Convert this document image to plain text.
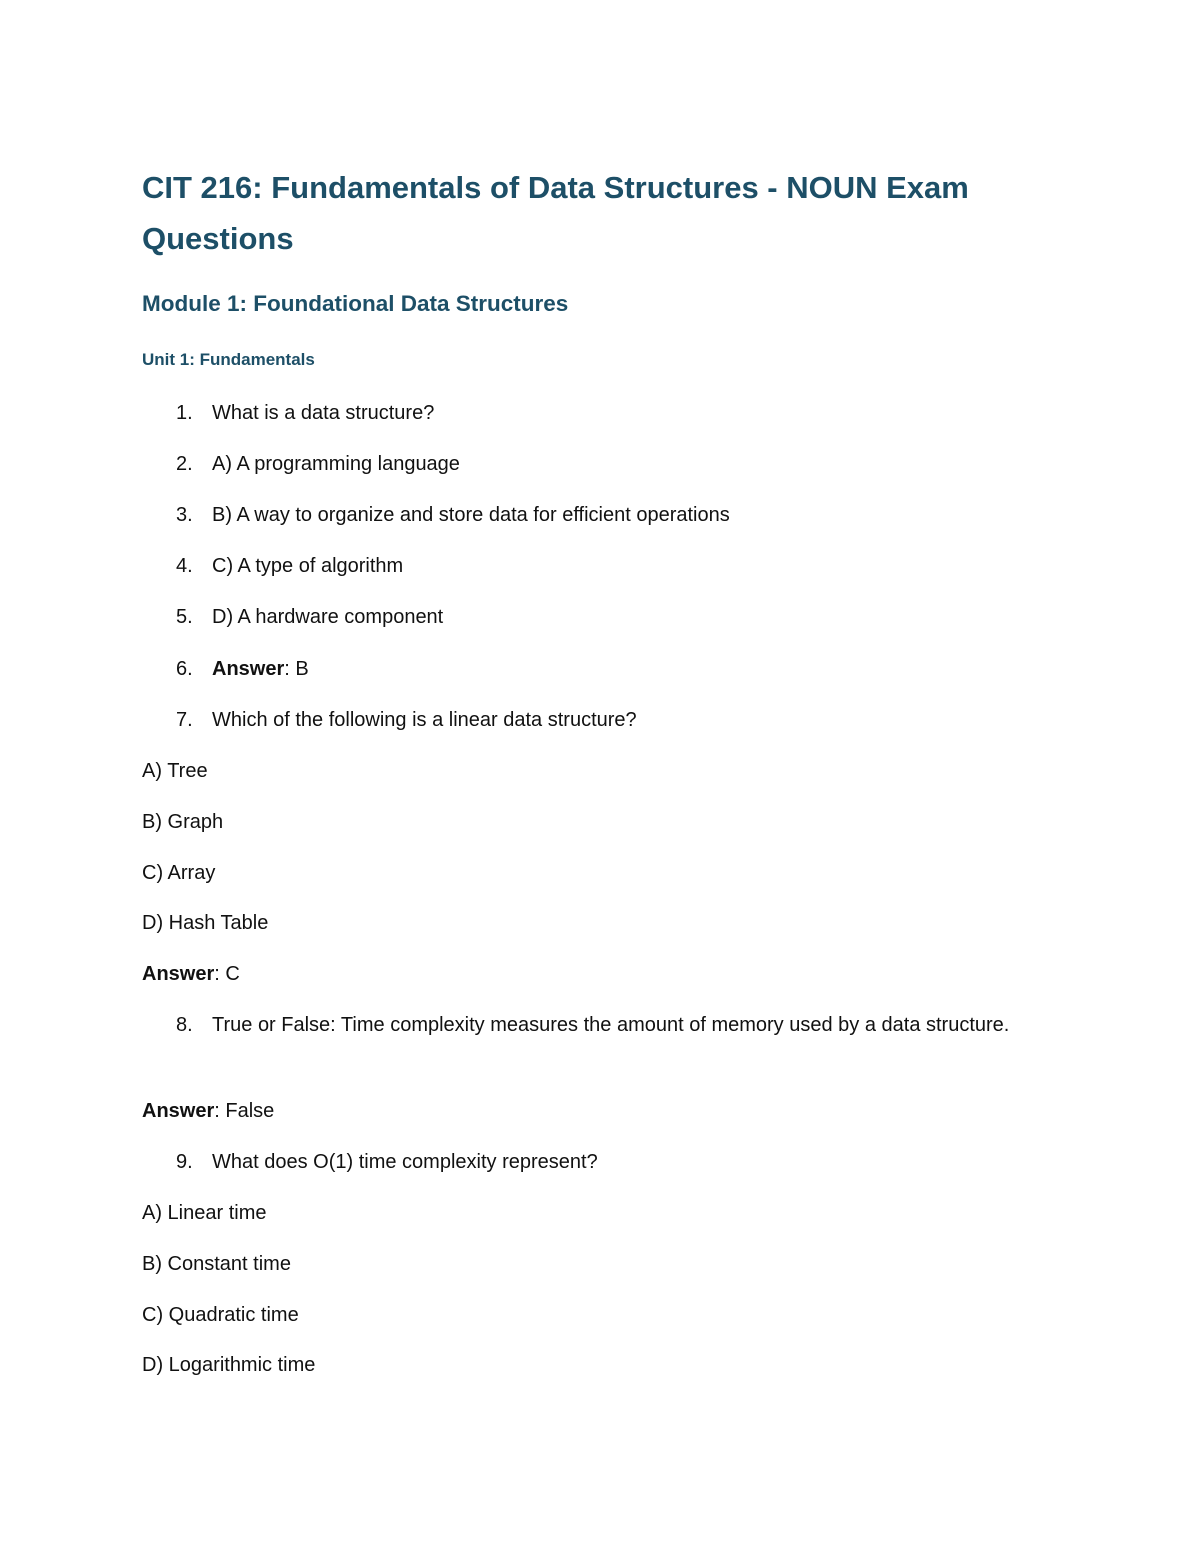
CIT 216: Fundamentals of Data Structures - NOUN Exam Questions
Module 1: Foundational Data Structures
Unit 1: Fundamentals
1. What is a data structure?
2. A) A programming language
3. B) A way to organize and store data for efficient operations
4. C) A type of algorithm
5. D) A hardware component
6. Answer: B
7. Which of the following is a linear data structure?
A) Tree
B) Graph
C) Array
D) Hash Table
Answer: C
8. True or False: Time complexity measures the amount of memory used by a data structure.
Answer: False
9. What does O(1) time complexity represent?
A) Linear time
B) Constant time
C) Quadratic time
D) Logarithmic time
